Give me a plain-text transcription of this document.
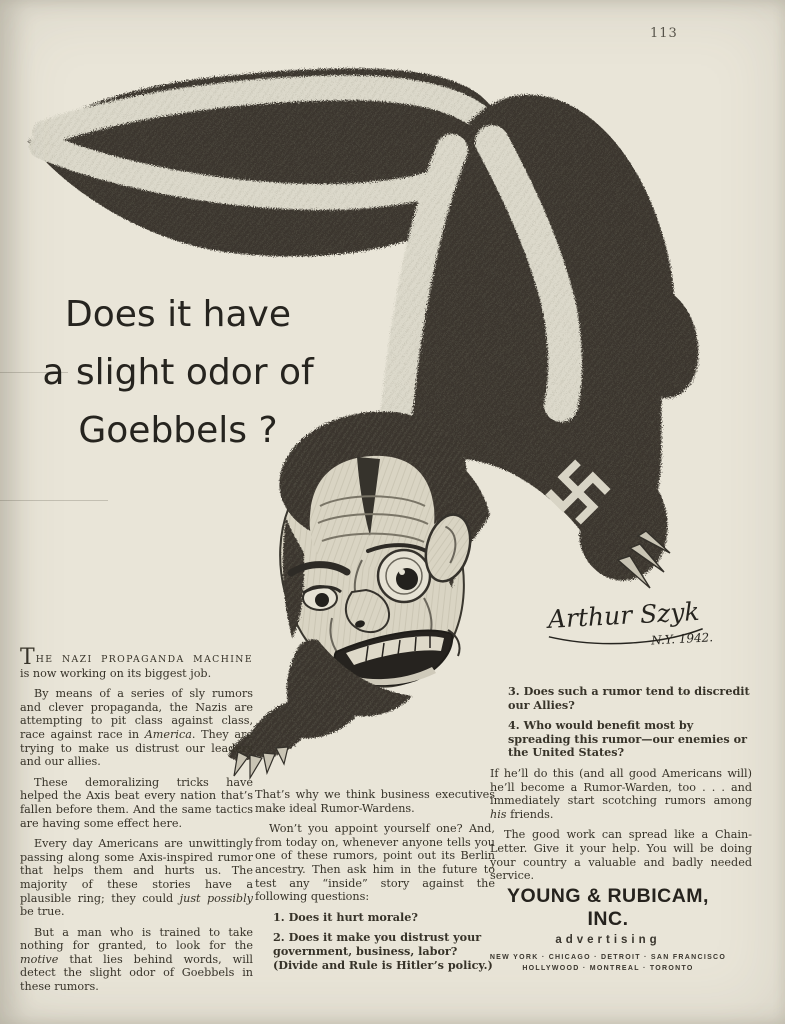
113
Arthur Szyk
N.Y. 1942.
Does it have
a slight odor of
Goebbels ?

THE NAZI PROPAGANDA MACHINE is now working on its biggest job.

By means of a series of sly rumors and clever propaganda, the Nazis are attempting to pit class against class, race against race in America. They are trying to make us distrust our leaders and our allies.

These demoralizing tricks have helped the Axis beat every nation that’s fallen before them. And the same tactics are having some effect here.

Every day Americans are unwittingly passing along some Axis-inspired rumor that helps them and hurts us. The majority of these stories have a plausible ring; they could just possibly be true.

But a man who is trained to take nothing for granted, to look for the motive that lies behind words, will detect the slight odor of Goebbels in these rumors.

That’s why we think business executives make ideal Rumor-Wardens.

Won’t you appoint yourself one? And, from today on, whenever anyone tells you one of these rumors, point out its Berlin ancestry. Then ask him in the future to test any “inside” story against the following questions:

1. Does it hurt morale?

2. Does it make you distrust your government, business, labor? (Divide and Rule is Hitler’s policy.)

3. Does such a rumor tend to discredit our Allies?

4. Who would benefit most by spreading this rumor—our enemies or the United States?

If he’ll do this (and all good Americans will) he’ll become a Rumor-Warden, too . . . and immediately start scotching rumors among his friends.

The good work can spread like a Chain-Letter. Give it your help. You will be doing your country a valuable and badly needed service.

YOUNG & RUBICAM, INC.
advertising
NEW YORK · CHICAGO · DETROIT · SAN FRANCISCO
HOLLYWOOD · MONTREAL · TORONTO
